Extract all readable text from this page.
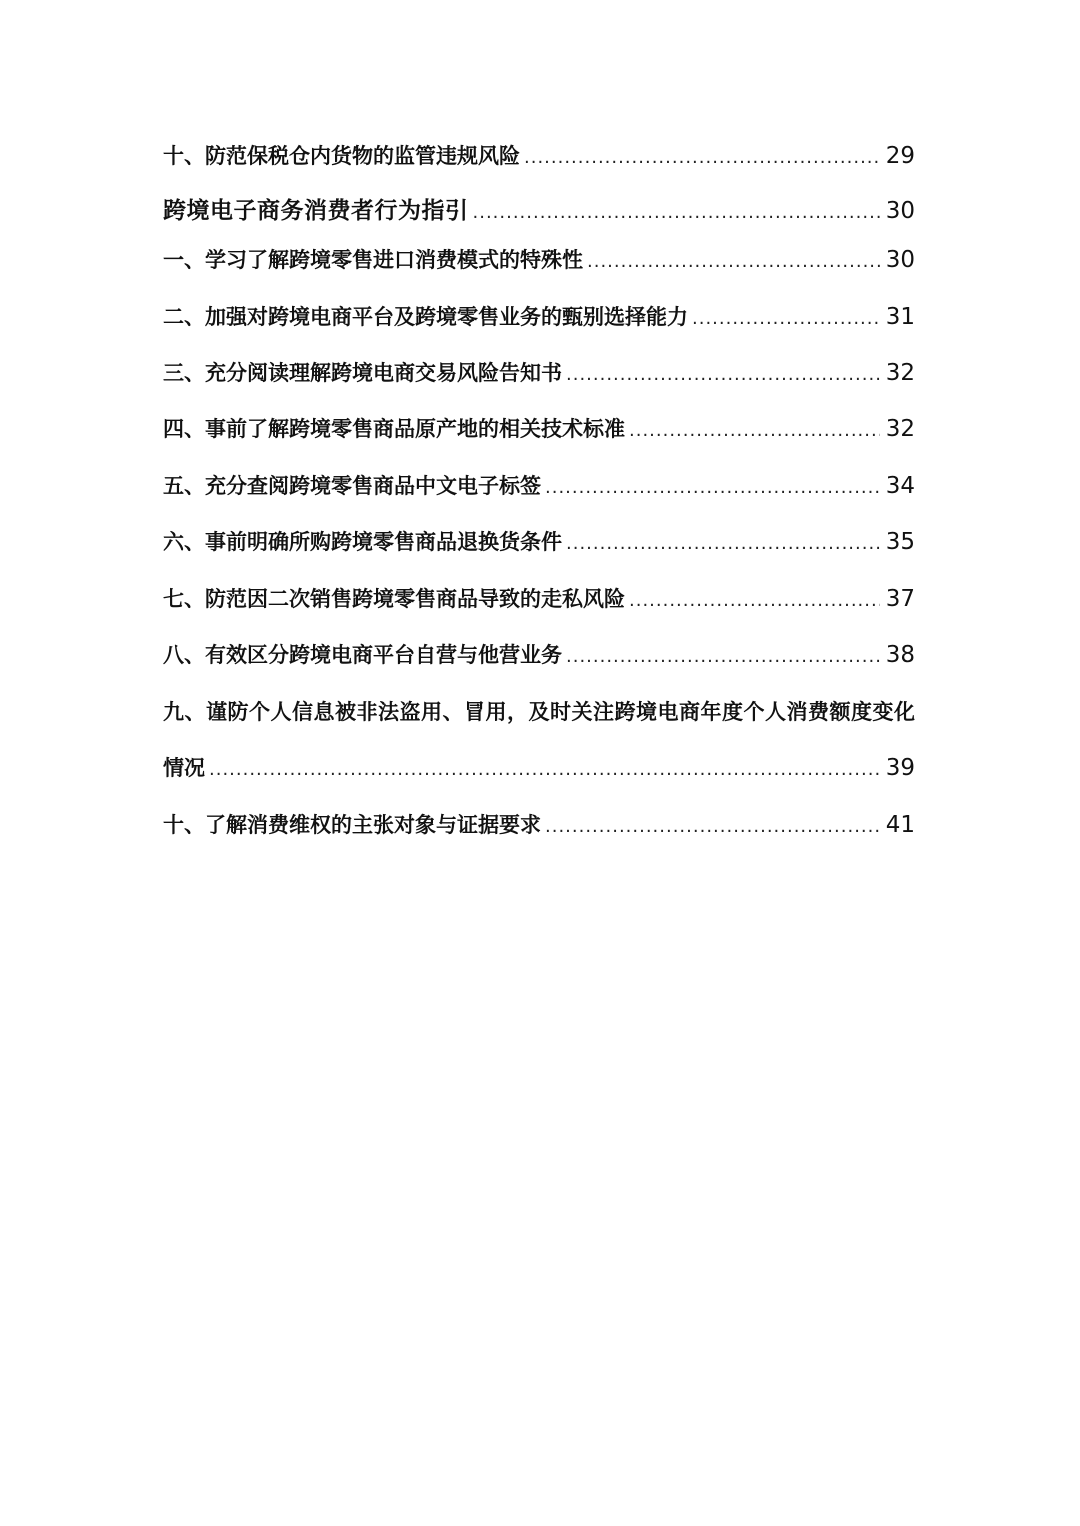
十、防范保税仓内货物的监管违规风险 .....	29
跨境电子商务消费者行为指引 .....	30
一、学习了解跨境零售进口消费模式的特殊性 .....	30
二、加强对跨境电商平台及跨境零售业务的甄别选择能力 .....	31
三、充分阅读理解跨境电商交易风险告知书 .....	32
四、事前了解跨境零售商品原产地的相关技术标准 .....	32
五、充分查阅跨境零售商品中文电子标签 .....	34
六、事前明确所购跨境零售商品退换货条件 .....	35
七、防范因二次销售跨境零售商品导致的走私风险 .....	37
八、有效区分跨境电商平台自营与他营业务 .....	38
九、谨防个人信息被非法盗用、冒用，及时关注跨境电商年度个人消费额度变化
情况 .....	39
十、了解消费维权的主张对象与证据要求 .....	41
